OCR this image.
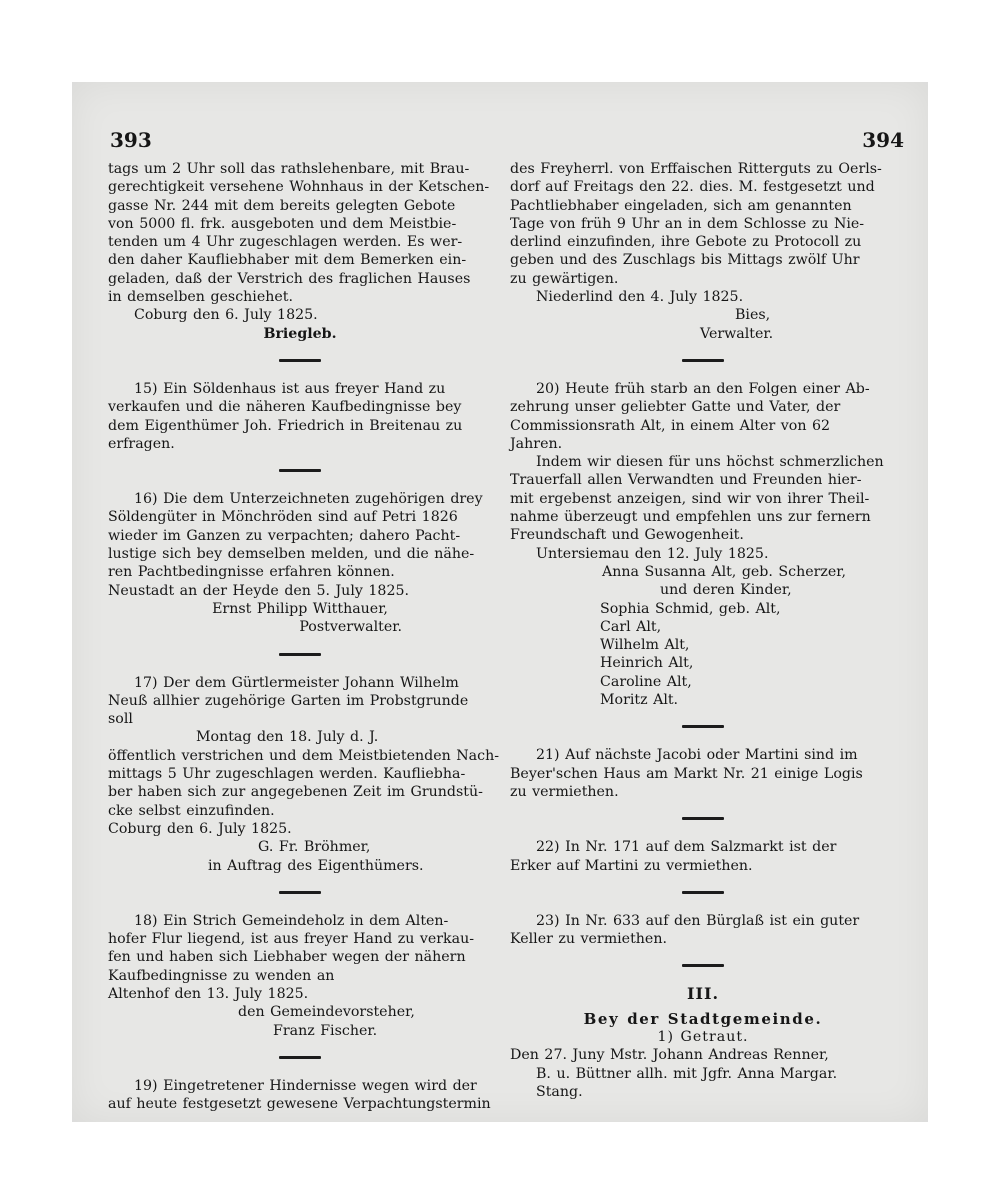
393	394
tags um 2 Uhr soll das rathslehenbare, mit Brau-
gerechtigkeit versehene Wohnhaus in der Ketschen-
gasse Nr. 244 mit dem bereits gelegten Gebote
von 5000 fl. frk. ausgeboten und dem Meistbie-
tenden um 4 Uhr zugeschlagen werden. Es wer-
den daher Kaufliebhaber mit dem Bemerken ein-
geladen, daß der Verstrich des fraglichen Hauses
in demselben geschiehet.
Coburg den 6. July 1825.
Briegleb.
15) Ein Söldenhaus ist aus freyer Hand zu
verkaufen und die näheren Kaufbedingnisse bey
dem Eigenthümer Joh. Friedrich in Breitenau zu
erfragen.
16) Die dem Unterzeichneten zugehörigen drey
Söldengüter in Mönchröden sind auf Petri 1826
wieder im Ganzen zu verpachten; dahero Pacht-
lustige sich bey demselben melden, und die nähe-
ren Pachtbedingnisse erfahren können.
Neustadt an der Heyde den 5. July 1825.
Ernst Philipp Witthauer,
Postverwalter.
17) Der dem Gürtlermeister Johann Wilhelm
Neuß allhier zugehörige Garten im Probstgrunde
soll
Montag den 18. July d. J.
öffentlich verstrichen und dem Meistbietenden Nach-
mittags 5 Uhr zugeschlagen werden. Kaufliebha-
ber haben sich zur angegebenen Zeit im Grundstü-
cke selbst einzufinden.
Coburg den 6. July 1825.
G. Fr. Bröhmer,
in Auftrag des Eigenthümers.
18) Ein Strich Gemeindeholz in dem Alten-
hofer Flur liegend, ist aus freyer Hand zu verkau-
fen und haben sich Liebhaber wegen der nähern
Kaufbedingnisse zu wenden an
Altenhof den 13. July 1825.
den Gemeindevorsteher,
Franz Fischer.
19) Eingetretener Hindernisse wegen wird der
auf heute festgesetzt gewesene Verpachtungstermin
des Freyherrl. von Erffaischen Ritterguts zu Oerls-
dorf auf Freitags den 22. dies. M. festgesetzt und
Pachtliebhaber eingeladen, sich am genannten
Tage von früh 9 Uhr an in dem Schlosse zu Nie-
derlind einzufinden, ihre Gebote zu Protocoll zu
geben und des Zuschlags bis Mittags zwölf Uhr
zu gewärtigen.
Niederlind den 4. July 1825.
Bies,
Verwalter.
20) Heute früh starb an den Folgen einer Ab-
zehrung unser geliebter Gatte und Vater, der
Commissionsrath Alt, in einem Alter von 62
Jahren.
Indem wir diesen für uns höchst schmerzlichen
Trauerfall allen Verwandten und Freunden hier-
mit ergebenst anzeigen, sind wir von ihrer Theil-
nahme überzeugt und empfehlen uns zur fernern
Freundschaft und Gewogenheit.
Untersiemau den 12. July 1825.
Anna Susanna Alt, geb. Scherzer,
und deren Kinder,
Sophia Schmid, geb. Alt,
Carl Alt,
Wilhelm Alt,
Heinrich Alt,
Caroline Alt,
Moritz Alt.
21) Auf nächste Jacobi oder Martini sind im
Beyer'schen Haus am Markt Nr. 21 einige Logis
zu vermiethen.
22) In Nr. 171 auf dem Salzmarkt ist der
Erker auf Martini zu vermiethen.
23) In Nr. 633 auf den Bürglaß ist ein guter
Keller zu vermiethen.
III.
Bey der Stadtgemeinde.
1) Getraut.
Den 27. Juny Mstr. Johann Andreas Renner,
B. u. Büttner allh. mit Jgfr. Anna Margar.
Stang.
